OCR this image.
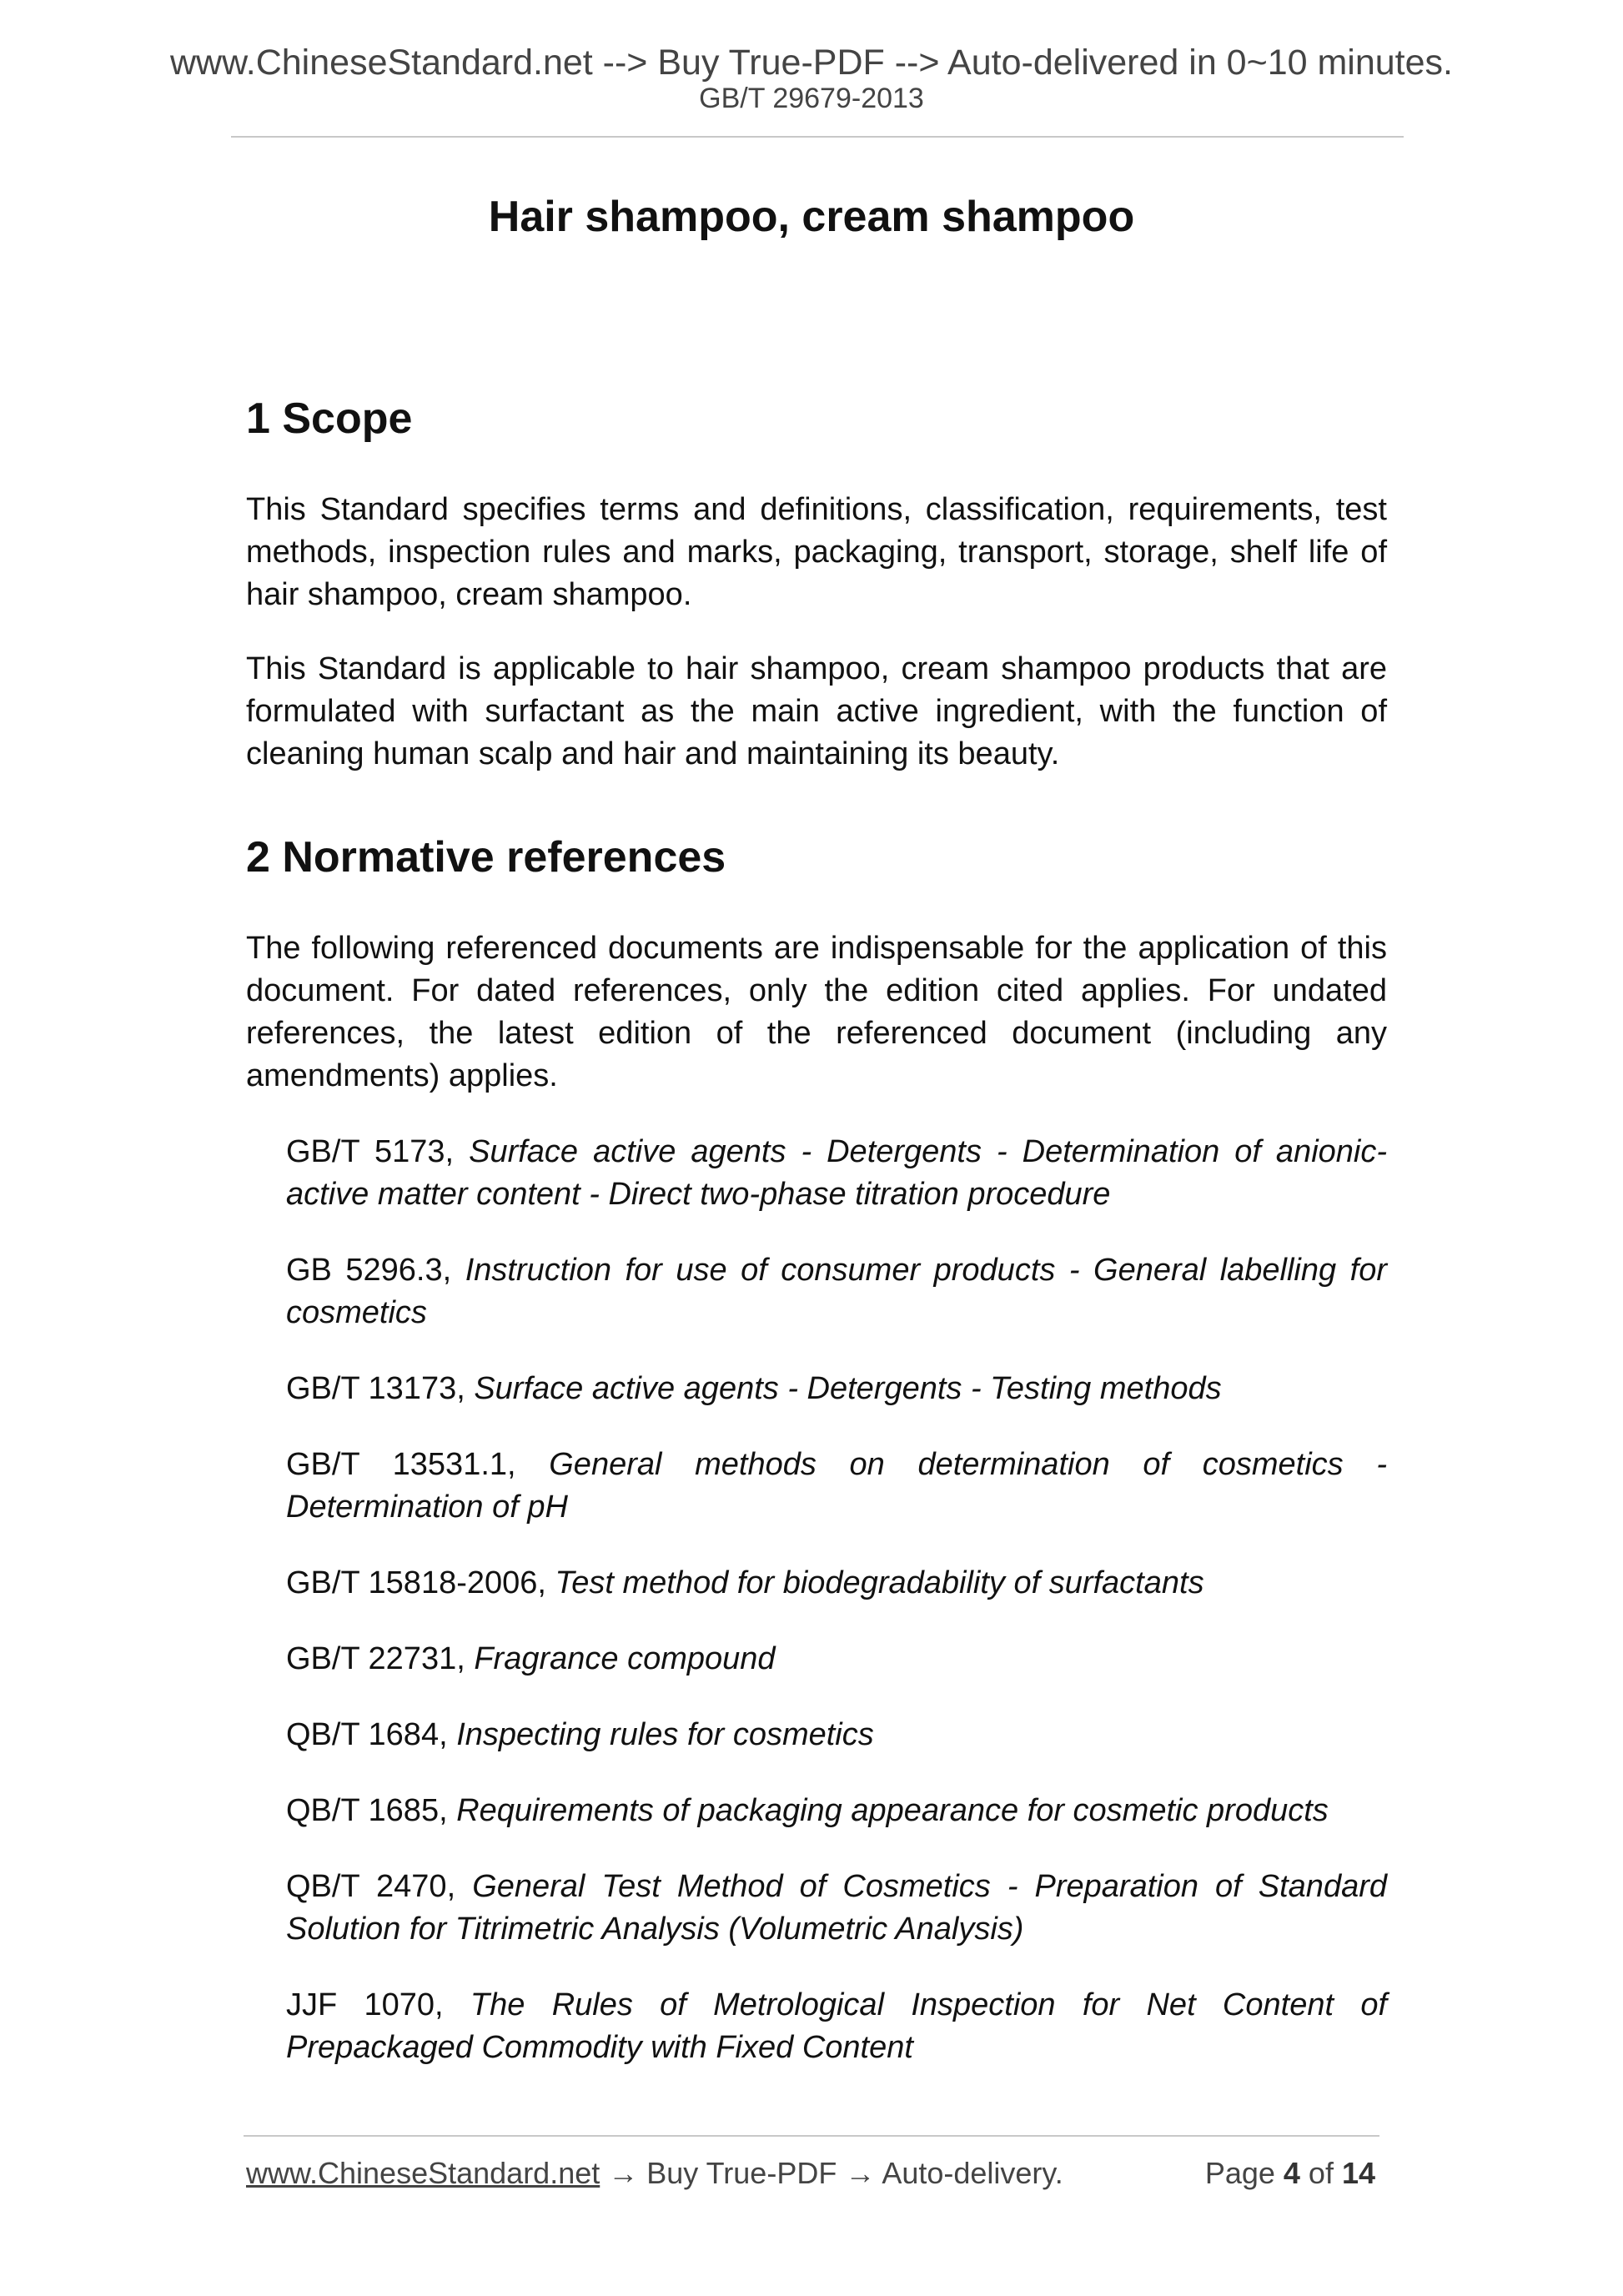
www.ChineseStandard.net --> Buy True-PDF --> Auto-delivered in 0~10 minutes.
GB/T 29679-2013
Hair shampoo, cream shampoo
1 Scope

This Standard specifies terms and definitions, classification, requirements, test methods, inspection rules and marks, packaging, transport, storage, shelf life of hair shampoo, cream shampoo.

This Standard is applicable to hair shampoo, cream shampoo products that are formulated with surfactant as the main active ingredient, with the function of cleaning human scalp and hair and maintaining its beauty.

2 Normative references

The following referenced documents are indispensable for the application of this document. For dated references, only the edition cited applies. For undated references, the latest edition of the referenced document (including any amendments) applies.

GB/T 5173, Surface active agents - Detergents - Determination of anionic-active matter content - Direct two-phase titration procedure

GB 5296.3, Instruction for use of consumer products - General labelling for cosmetics

GB/T 13173, Surface active agents - Detergents - Testing methods

GB/T 13531.1, General methods on determination of cosmetics - Determination of pH

GB/T 15818-2006, Test method for biodegradability of surfactants

GB/T 22731, Fragrance compound

QB/T 1684, Inspecting rules for cosmetics

QB/T 1685, Requirements of packaging appearance for cosmetic products

QB/T 2470, General Test Method of Cosmetics - Preparation of Standard Solution for Titrimetric Analysis (Volumetric Analysis)

JJF 1070, The Rules of Metrological Inspection for Net Content of Prepackaged Commodity with Fixed Content

www.ChineseStandard.net → Buy True-PDF → Auto-delivery.	Page 4 of 14
